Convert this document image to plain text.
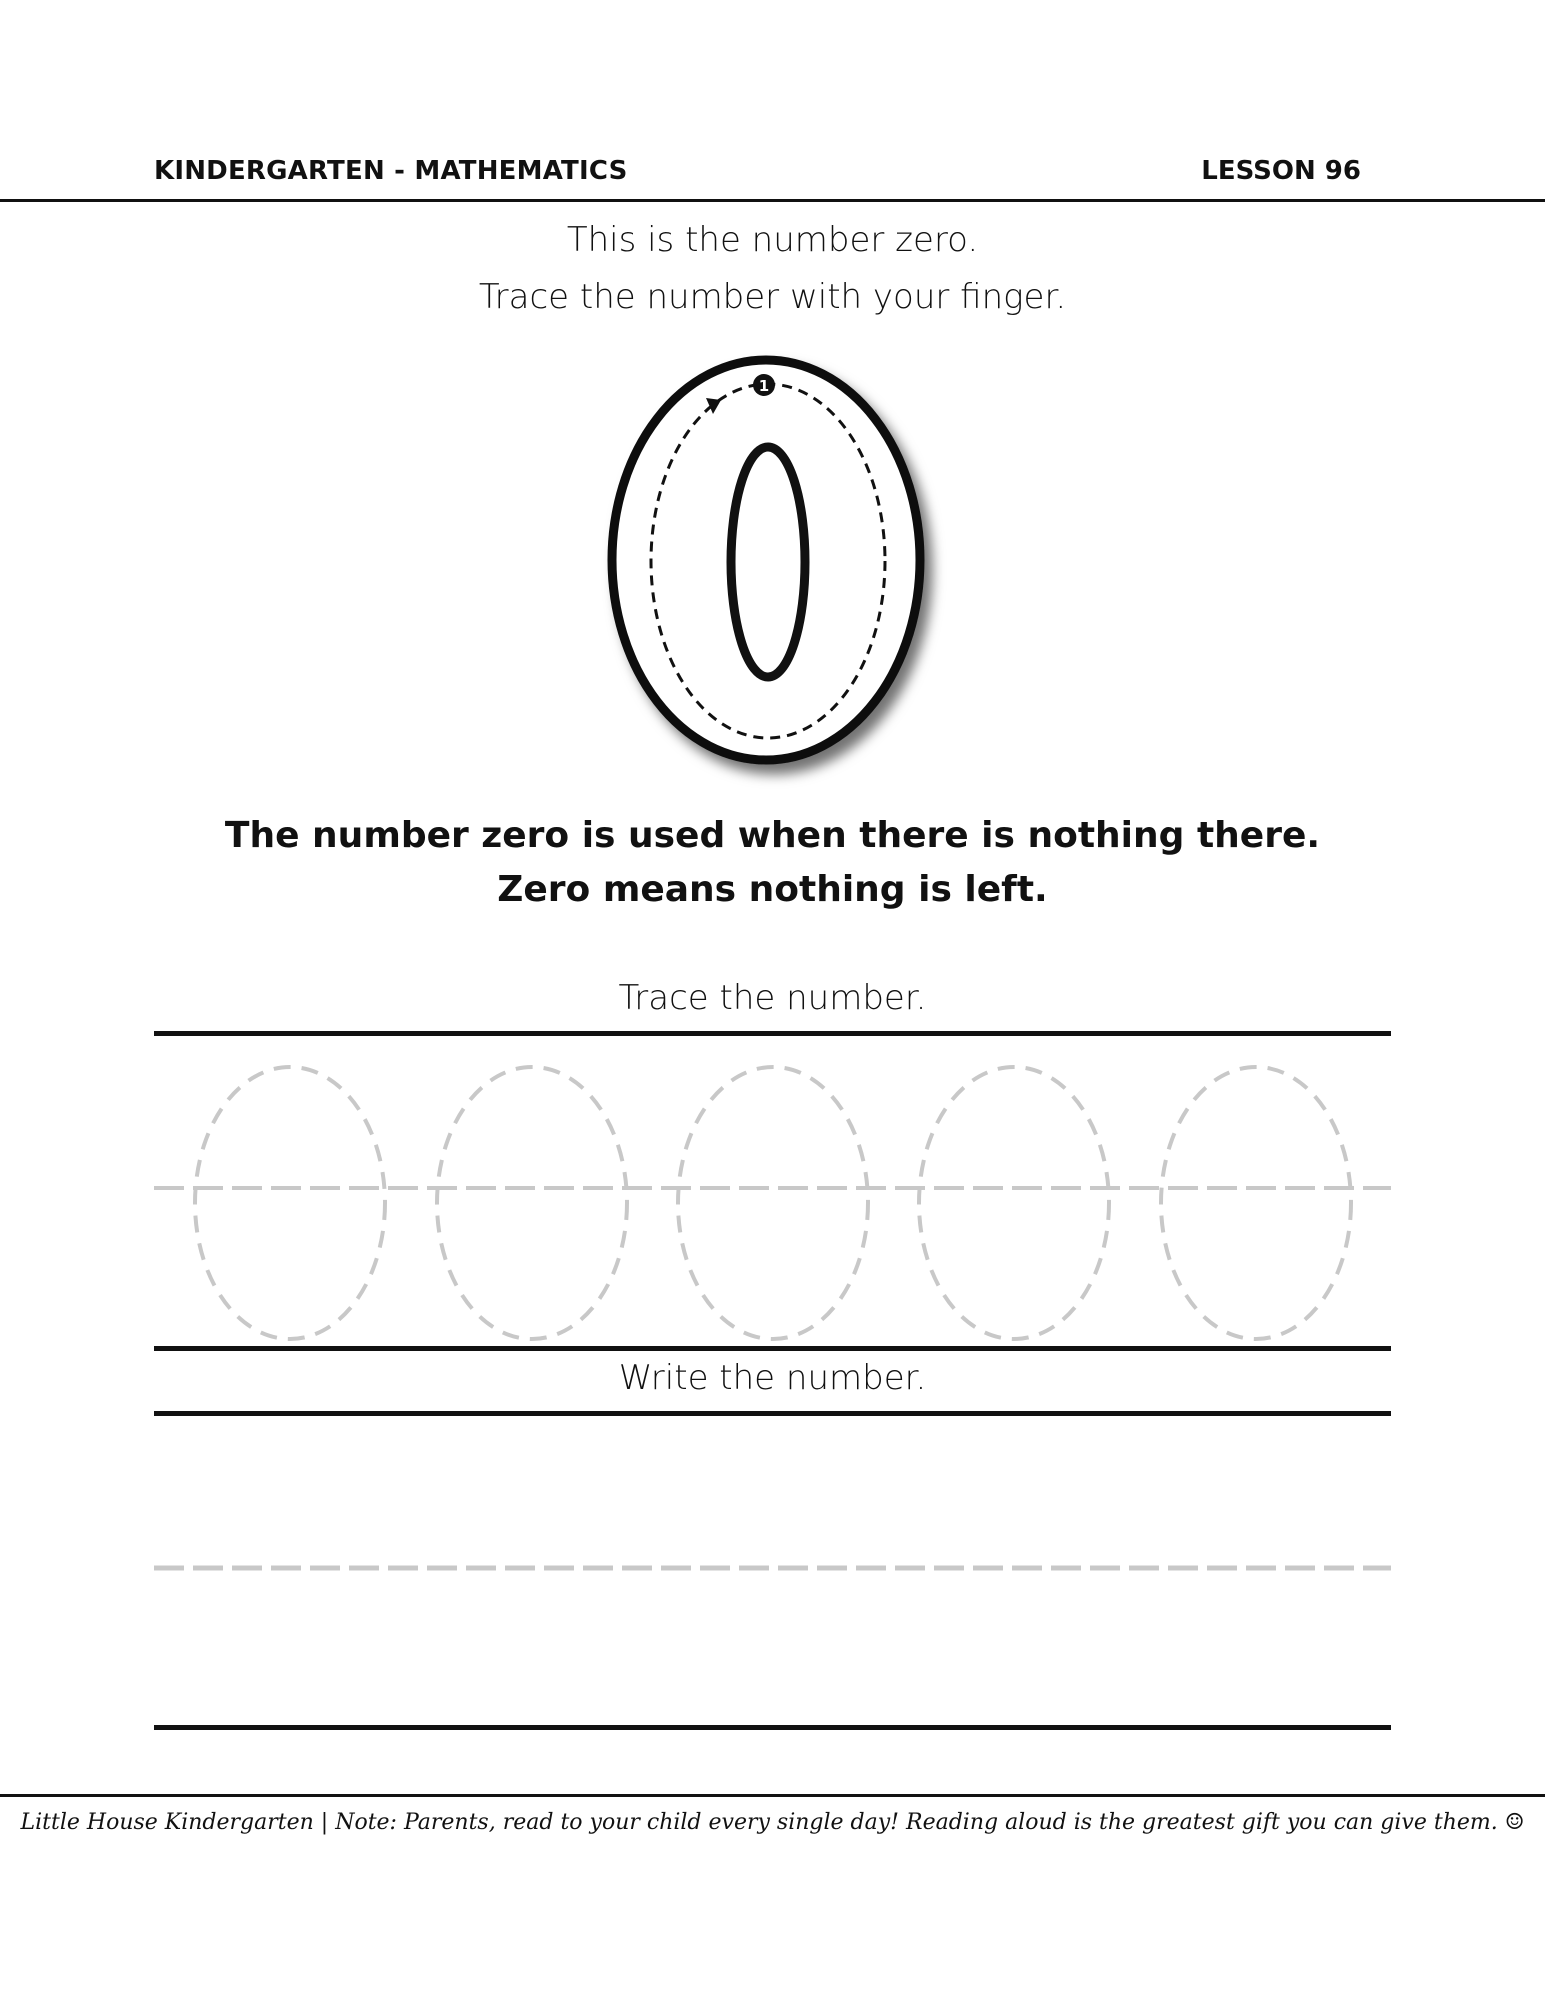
KINDERGARTEN - MATHEMATICS	LESSON 96
This is the number zero.
Trace the number with your finger.
1
The number zero is used when there is nothing there.
Zero means nothing is left.
Trace the number.
Write the number.
Little House Kindergarten | Note: Parents, read to your child every single day! Reading aloud is the greatest gift you can give them. ☺
